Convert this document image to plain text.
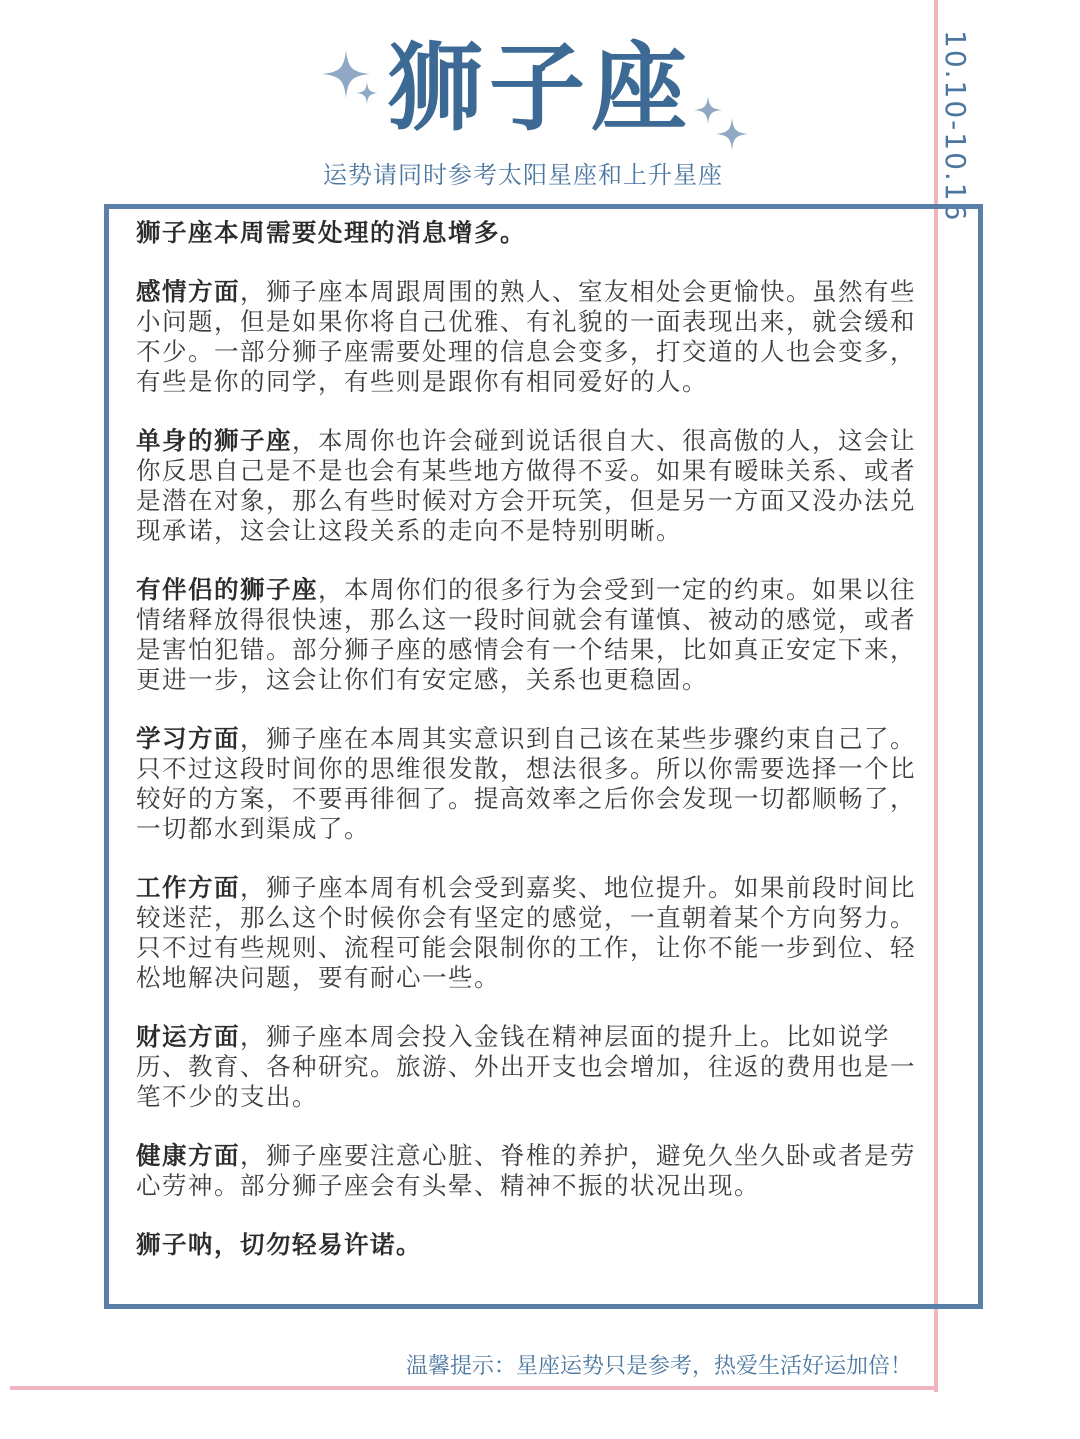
狮子座
运势请同时参考太阳星座和上升星座	10.10-10.16

狮子座本周需要处理的消息增多。

感情方面，狮子座本周跟周围的熟人、室友相处会更愉快。虽然有些小问题，但是如果你将自己优雅、有礼貌的一面表现出来，就会缓和不少。一部分狮子座需要处理的信息会变多，打交道的人也会变多，有些是你的同学，有些则是跟你有相同爱好的人。

单身的狮子座，本周你也许会碰到说话很自大、很高傲的人，这会让你反思自己是不是也会有某些地方做得不妥。如果有暧昧关系、或者是潜在对象，那么有些时候对方会开玩笑，但是另一方面又没办法兑现承诺，这会让这段关系的走向不是特别明晰。

有伴侣的狮子座，本周你们的很多行为会受到一定的约束。如果以往情绪释放得很快速，那么这一段时间就会有谨慎、被动的感觉，或者是害怕犯错。部分狮子座的感情会有一个结果，比如真正安定下来，更进一步，这会让你们有安定感，关系也更稳固。

学习方面，狮子座在本周其实意识到自己该在某些步骤约束自己了。只不过这段时间你的思维很发散，想法很多。所以你需要选择一个比较好的方案，不要再徘徊了。提高效率之后你会发现一切都顺畅了，一切都水到渠成了。

工作方面，狮子座本周有机会受到嘉奖、地位提升。如果前段时间比较迷茫，那么这个时候你会有坚定的感觉，一直朝着某个方向努力。只不过有些规则、流程可能会限制你的工作，让你不能一步到位、轻松地解决问题，要有耐心一些。

财运方面，狮子座本周会投入金钱在精神层面的提升上。比如说学历、教育、各种研究。旅游、外出开支也会增加，往返的费用也是一笔不少的支出。

健康方面，狮子座要注意心脏、脊椎的养护，避免久坐久卧或者是劳心劳神。部分狮子座会有头晕、精神不振的状况出现。

狮子呐，切勿轻易许诺。

温馨提示：星座运势只是参考，热爱生活好运加倍！
